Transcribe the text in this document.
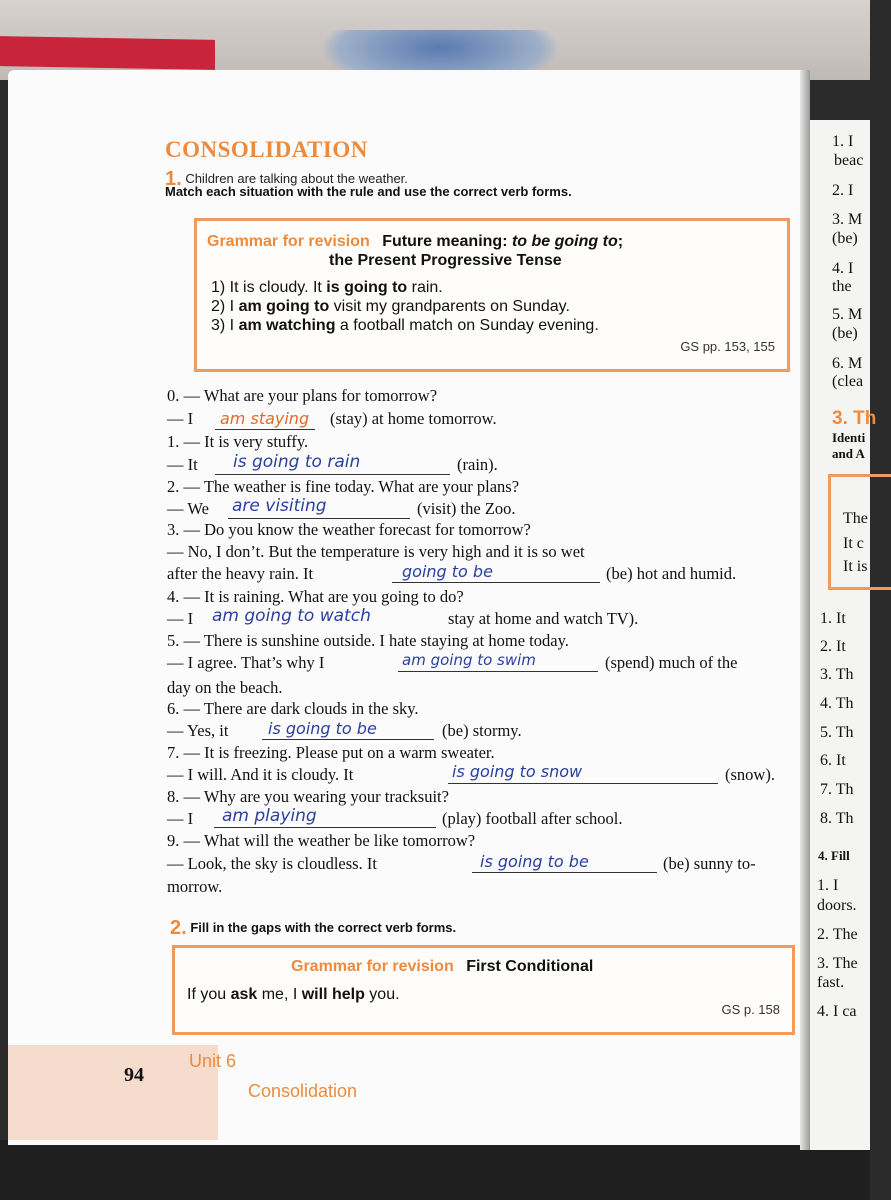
CONSOLIDATION
1. Children are talking about the weather.
Match each situation with the rule and use the correct verb forms.
Grammar for revision Future meaning: to be going to;
the Present Progressive Tense
1) It is cloudy. It is going to rain.
2) I am going to visit my grandparents on Sunday.
3) I am watching a football match on Sunday evening.
GS pp. 153, 155
0. — What are your plans for tomorrow?
— I am staying (stay) at home tomorrow.
1. — It is very stuffy.
— It is going to rain	(rain).
2. — The weather is fine today. What are your plans?
— We are visiting	(visit) the Zoo.
3. — Do you know the weather forecast for tomorrow?
— No, I don’t. But the temperature is very high and it is so wet
after the heavy rain. It	going to be	(be) hot and humid.
4. — It is raining. What are you going to do?
— I am going to watch	stay at home and watch TV).
5. — There is sunshine outside. I hate staying at home today.
— I agree. That’s why I	am going to swim	(spend) much of the
day on the beach.
6. — There are dark clouds in the sky.
— Yes, it is going to be	(be) stormy.
7. — It is freezing. Please put on a warm sweater.
— I will. And it is cloudy. It	is going to snow	(snow).
8. — Why are you wearing your tracksuit?
— I am playing	(play) football after school.
9. — What will the weather be like tomorrow?
— Look, the sky is cloudless. It	is going to be	(be) sunny to-
morrow.
2. Fill in the gaps with the correct verb forms.
Grammar for revision First Conditional
If you ask me, I will help you.
GS p. 158
94
Unit 6
Consolidation
1. I
beac
2. I
3. M
(be)
4. I
the
5. M
(be)
6. M
(clea
3. Th
Identi
and A
The
It c
It is
1. It
2. It
3. Th
4. Th
5. Th
6. It
7. Th
8. Th
4. Fill
1. I
doors.
2. The
3. The
fast.
4. I ca
